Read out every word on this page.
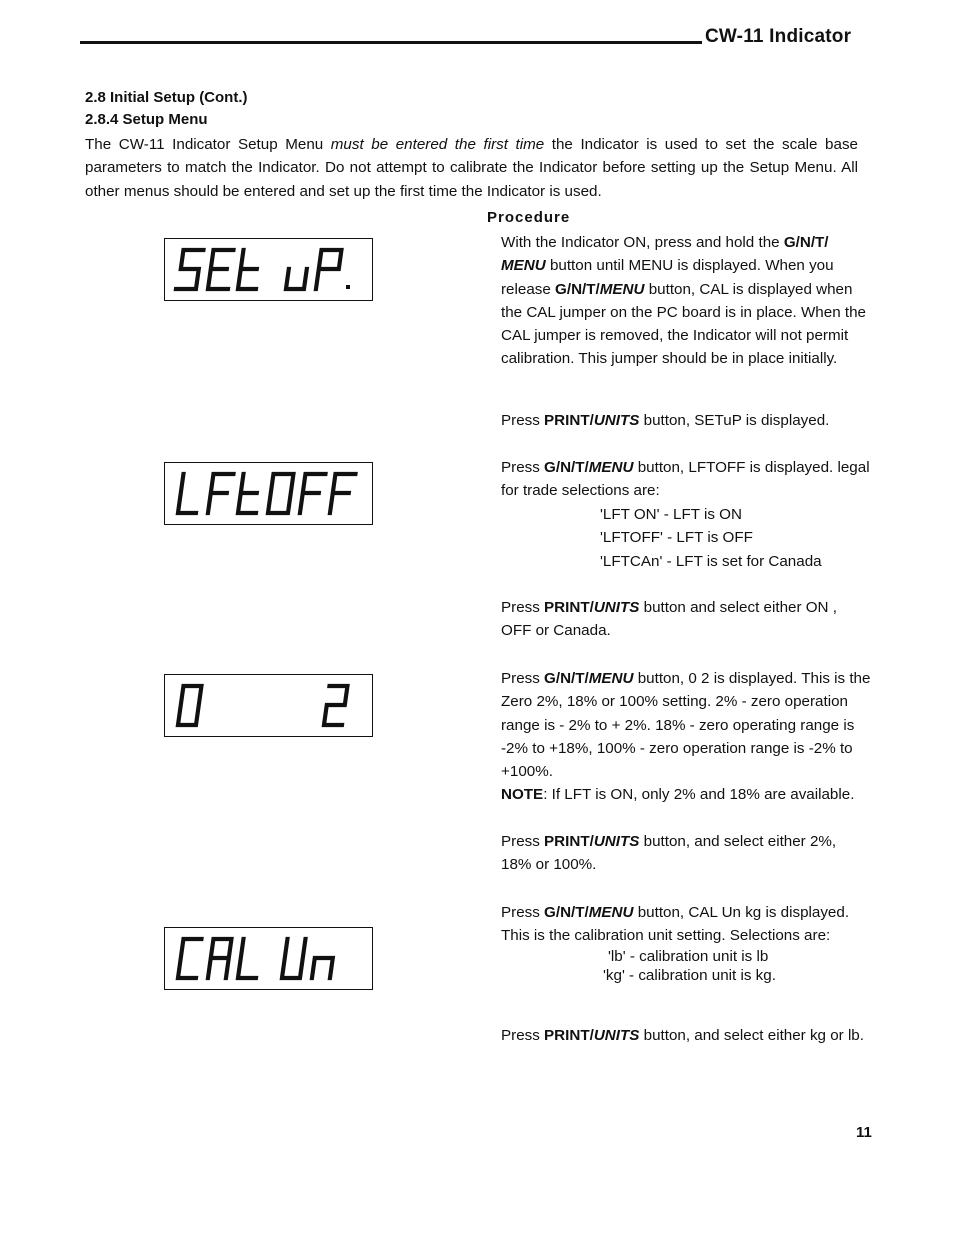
CW-11 Indicator
2.8 Initial Setup (Cont.)
2.8.4 Setup Menu
The CW-11 Indicator Setup Menu must be entered the first time the Indicator is used to set the scale base parameters to match the Indicator. Do not attempt to calibrate the Indicator before setting up the Setup Menu. All other menus should be entered and set up the first time the Indicator is used.
Procedure
With the Indicator ON, press and hold the G/N/T/
MENU button until MENU is displayed. When you release G/N/T/MENU button, CAL is displayed when the CAL jumper on the PC board is in place. When the CAL jumper is removed, the Indicator will not permit calibration. This jumper should be in place initially.
Press PRINT/UNITS button, SETuP is displayed.
Press G/N/T/MENU button, LFTOFF is displayed. legal for trade selections are:
'LFT ON' - LFT is ON
'LFTOFF' - LFT is OFF
'LFTCAn' - LFT is set for Canada
Press PRINT/UNITS button and select either ON , OFF or Canada.
Press G/N/T/MENU button, 0 2 is displayed. This is the Zero 2%, 18% or 100% setting. 2% - zero operation range is - 2% to + 2%. 18% - zero operating range is -2% to +18%, 100% - zero operation range is -2% to +100%.
NOTE: If LFT is ON, only 2% and 18% are available.
Press PRINT/UNITS button, and select either 2%, 18% or 100%.
Press G/N/T/MENU button, CAL Un kg is displayed. This is the calibration unit setting. Selections are:
'lb' - calibration unit is lb
'kg' - calibration unit is kg.
Press PRINT/UNITS button, and select either kg or lb.
11
